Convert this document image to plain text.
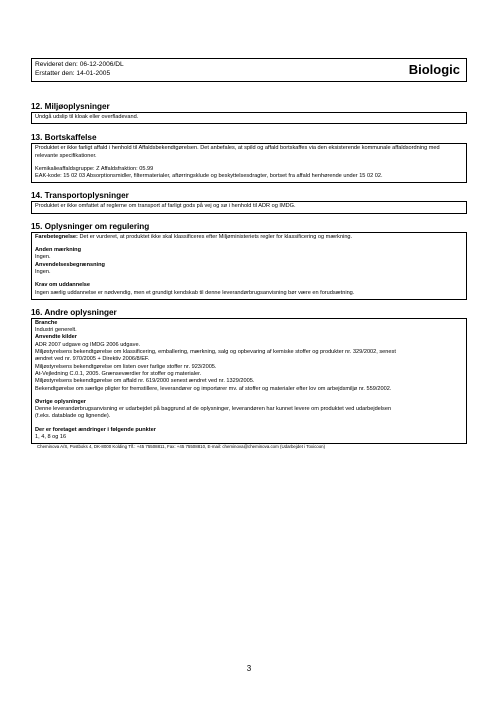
Revideret den: 06-12-2006/DL
Erstatter den: 14-01-2005	Biologic
12. Miljøoplysninger
Undgå udslip til kloak eller overfladevand.
13. Bortskaffelse
Produktet er ikke farligt affald i henhold til Affaldsbekendtgørelsen. Det anbefales, at spild og affald bortskaffes via den eksisterende kommunale affaldsordning med relevante specifikationer.
Kemikalieaffaldsgruppe: Z Affaldsfraktion: 05.99
EAK-kode: 15 02 03 Absorptionsmidler, filtermaterialer, aftørringsklude og beskyttelsesdragter, bortset fra affald henhørende under 15 02 02.
14. Transportoplysninger
Produktet er ikke omfattet af reglerne om transport af farligt gods på vej og sø i henhold til ADR og IMDG.
15. Oplysninger om regulering
Farebetegnelse: Det er vurderet, at produktet ikke skal klassificeres efter Miljøministeriets regler for klassificering og mærkning.
Anden mærkning
Ingen.
Anvendelsesbegrænsning
Ingen.
Krav om uddannelse
Ingen særlig uddannelse er nødvendig, men et grundigt kendskab til denne leverandørbrugsanvisning bør være en forudsætning.
16. Andre oplysninger
Branche
Industri generelt.
Anvendte kilder
ADR 2007 udgave og IMDG 2006 udgave.
Miljøstyrelsens bekendtgørelse om klassificering, emballering, mærkning, salg og opbevaring af kemiske stoffer og produkter nr. 329/2002, senest
ændret ved nr. 970/2005 + Direktiv 2006/8/EF.
Miljøstyrelsens bekendtgørelse om listen over farlige stoffer nr. 923/2005.
At-Vejledning C.0.1, 2005. Grænseværdier for stoffer og materialer.
Miljøstyrelsens bekendtgørelse om affald nr. 619/2000 senest ændret ved nr. 1329/2005.
Bekendtgørelse om særlige pligter for fremstillere, leverandører og importører mv. af stoffer og materialer efter lov om arbejdsmiljø nr. 559/2002.
Øvrige oplysninger
Denne leverandørbrugsanvisning er udarbejdet på baggrund af de oplysninger, leverandøren har kunnet levere om produktet ved udarbejdelsen
(f.eks. datablade og lignende).
Der er foretaget ændringer i følgende punkter
1, 4, 8 og 16
Cheminova A/S, Postboks 4, DK-8000 Kolding Tlf.: +45 75508811, Fax: +45 75508810, E-mail: cheminova@cheminova.com (Udarbejdet i Toxicoon)
3
